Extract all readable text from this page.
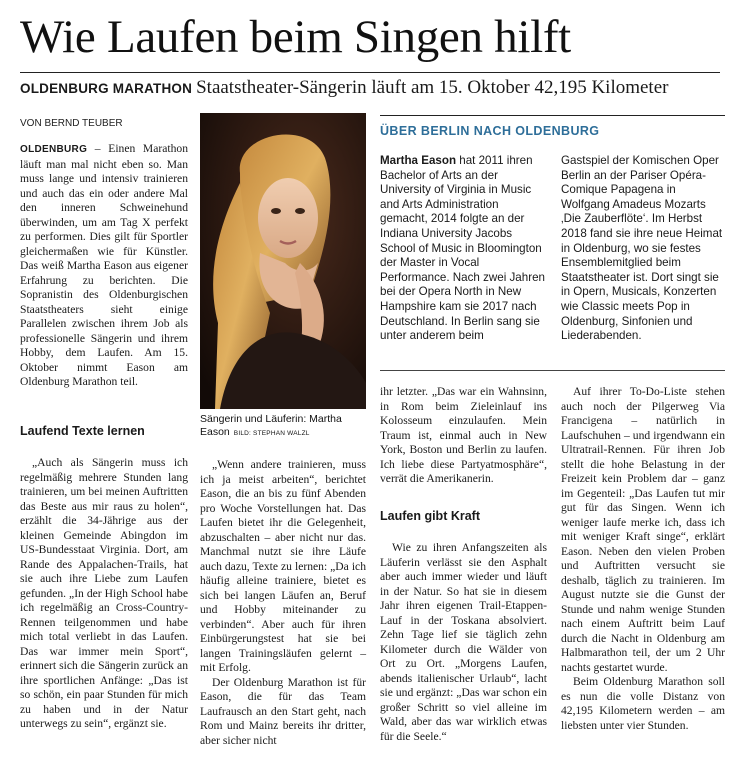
Wie Laufen beim Singen hilft
OLDENBURG MARATHON Staatstheater-Sängerin läuft am 15. Oktober 42,195 Kilometer
VON BERND TEUBER

OLDENBURG – Einen Marathon läuft man mal nicht eben so. Man muss lange und intensiv trainieren und auch das ein oder andere Mal den inneren Schweinehund überwinden, um am Tag X perfekt zu performen. Dies gilt für Sportler gleichermaßen wie für Künstler. Das weiß Martha Eason aus eigener Erfahrung zu berichten. Die Sopranistin des Oldenburgischen Staatstheaters sieht einige Parallelen zwischen ihrem Job als professionelle Sängerin und ihrem Hobby, dem Laufen. Am 15. Oktober nimmt Eason am Oldenburg Marathon teil.

Laufend Texte lernen

„Auch als Sängerin muss ich regelmäßig mehrere Stunden lang trainieren, um bei meinen Auftritten das Beste aus mir raus zu holen“, erzählt die 34-Jährige aus der kleinen Gemeinde Abingdon im US-Bundesstaat Virginia. Dort, am Rande des Appalachen-Trails, hat sie auch ihre Liebe zum Laufen gefunden. „In der High School habe ich regelmäßig an Cross-Country-Rennen teilgenommen und habe mich total verliebt in das Laufen. Das war immer mein Sport“, erinnert sich die Sängerin zurück an ihre sportlichen Anfänge: „Das ist so schön, ein paar Stunden für mich zu haben und in der Natur unterwegs zu sein“, ergänzt sie.

Sängerin und Läuferin: Martha Eason BILD: STEPHAN WALZL

„Wenn andere trainieren, muss ich ja meist arbeiten“, berichtet Eason, die an bis zu fünf Abenden pro Woche Vorstellungen hat. Das Laufen bietet ihr die Gelegenheit, abzuschalten – aber nicht nur das. Manchmal nutzt sie ihre Läufe auch dazu, Texte zu lernen: „Da ich häufig alleine trainiere, bietet es sich bei langen Läufen an, Beruf und Hobby miteinander zu verbinden“. Aber auch für ihren Einbürgerungstest hat sie bei langen Trainingsläufen gelernt – mit Erfolg.

Der Oldenburg Marathon ist für Eason, die für das Team Laufrausch an den Start geht, nach Rom und Mainz bereits ihr dritter, aber sicher nicht

ihr letzter. „Das war ein Wahnsinn, in Rom beim Zieleinlauf ins Kolosseum einzulaufen. Mein Traum ist, einmal auch in New York, Boston und Berlin zu laufen. Ich liebe diese Partyatmosphäre“, verrät die Amerikanerin.

Laufen gibt Kraft

Wie zu ihren Anfangszeiten als Läuferin verlässt sie den Asphalt aber auch immer wieder und läuft in der Natur. So hat sie in diesem Jahr ihren eigenen Trail-Etappen-Lauf in der Toskana absolviert. Zehn Tage lief sie täglich zehn Kilometer durch die Wälder von Ort zu Ort. „Morgens Laufen, abends italienischer Urlaub“, lacht sie und ergänzt: „Das war schon ein großer Schritt so viel alleine im Wald, aber das war wirklich etwas für die Seele.“

Auf ihrer To-Do-Liste stehen auch noch der Pilgerweg Via Francigena – natürlich in Laufschuhen – und irgendwann ein Ultratrail-Rennen. Für ihren Job stellt die hohe Belastung in der Freizeit kein Problem dar – ganz im Gegenteil: „Das Laufen tut mir gut für das Singen. Wenn ich weniger laufe merke ich, dass ich mit weniger Kraft singe“, erklärt Eason. Neben den vielen Proben und Auftritten versucht sie deshalb, täglich zu trainieren. Im August nutzte sie die Gunst der Stunde und nahm wenige Stunden nach einem Auftritt beim Lauf durch die Nacht in Oldenburg am Halbmarathon teil, der um 2 Uhr nachts gestartet wurde.

Beim Oldenburg Marathon soll es nun die volle Distanz von 42,195 Kilometern werden – am liebsten unter vier Stunden.

ÜBER BERLIN NACH OLDENBURG
Martha Eason hat 2011 ihren Bachelor of Arts an der University of Virginia in Music and Arts Administration gemacht, 2014 folgte an der Indiana University Jacobs School of Music in Bloomington der Master in Vocal Performance. Nach zwei Jahren bei der Opera North in New Hampshire kam sie 2017 nach Deutschland. In Berlin sang sie unter anderem beim
Gastspiel der Komischen Oper Berlin an der Pariser Opéra-Comique Papagena in Wolfgang Amadeus Mozarts ‚Die Zauberflöte‘. Im Herbst 2018 fand sie ihre neue Heimat in Oldenburg, wo sie festes Ensemblemitglied beim Staatstheater ist. Dort singt sie in Opern, Musicals, Konzerten wie Classic meets Pop in Oldenburg, Sinfonien und Liederabenden.
